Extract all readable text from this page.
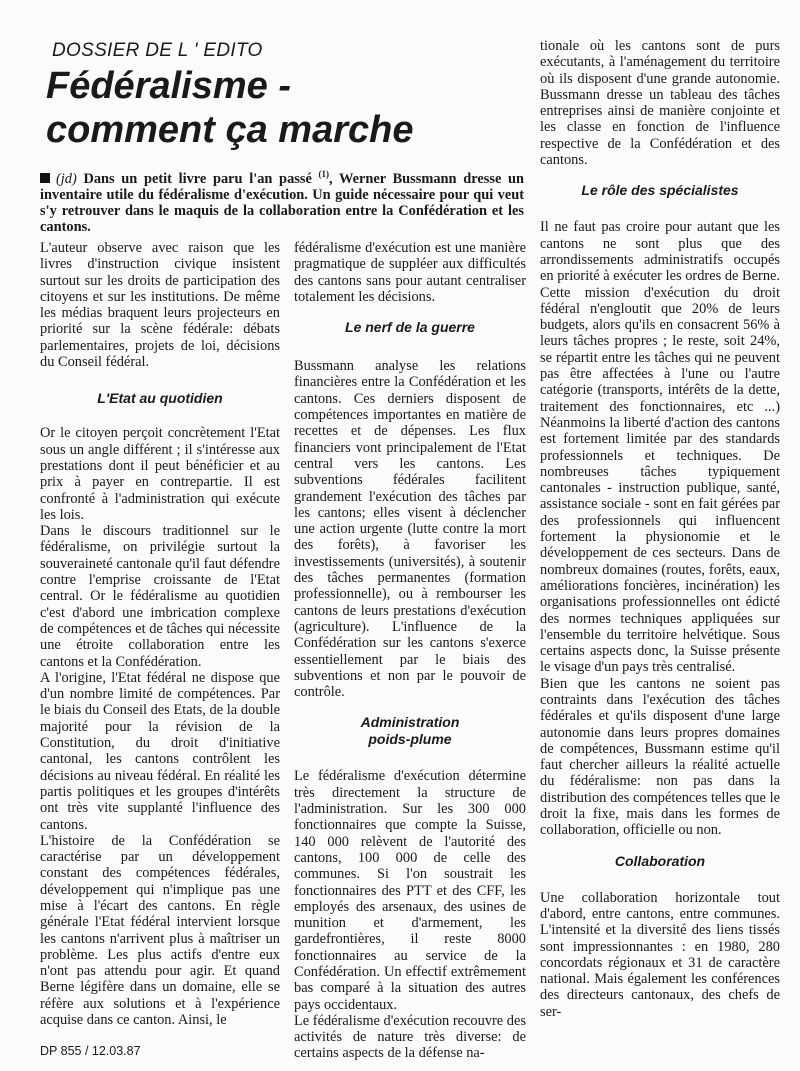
DOSSIER DE L ' EDITO
Fédéralisme -
comment ça marche

(jd) Dans un petit livre paru l'an passé $^{(1)}$, Werner Bussmann dresse un inventaire utile du fédéralisme d'exécution. Un guide nécessaire pour qui veut s'y retrouver dans le maquis de la collaboration entre la Confédération et les cantons.

L'auteur observe avec raison que les livres d'instruction civique insistent surtout sur les droits de participation des citoyens et sur les institutions. De même les médias braquent leurs projecteurs en priorité sur la scène fédérale: débats parlementaires, projets de loi, décisions du Conseil fédéral.

L'Etat au quotidien

Or le citoyen perçoit concrètement l'Etat sous un angle différent ; il s'intéresse aux prestations dont il peut bénéficier et au prix à payer en contrepartie. Il est confronté à l'administration qui exécute les lois.

Dans le discours traditionnel sur le fédéralisme, on privilégie surtout la souveraineté cantonale qu'il faut défendre contre l'emprise croissante de l'Etat central. Or le fédéralisme au quotidien c'est d'abord une imbrication complexe de compétences et de tâches qui nécessite une étroite collaboration entre les cantons et la Confédération.

A l'origine, l'Etat fédéral ne dispose que d'un nombre limité de compétences. Par le biais du Conseil des Etats, de la double majorité pour la révision de la Constitution, du droit d'initiative cantonal, les cantons contrôlent les décisions au niveau fédéral. En réalité les partis politiques et les groupes d'intérêts ont très vite supplanté l'influence des cantons.

L'histoire de la Confédération se caractérise par un développement constant des compétences fédérales, développement qui n'implique pas une mise à l'écart des cantons. En règle générale l'Etat fédéral intervient lorsque les cantons n'arrivent plus à maîtriser un problème. Les plus actifs d'entre eux n'ont pas attendu pour agir. Et quand Berne légifère dans un domaine, elle se réfère aux solutions et à l'expérience acquise dans ce canton. Ainsi, le

fédéralisme d'exécution est une manière pragmatique de suppléer aux difficultés des cantons sans pour autant centraliser totalement les décisions.

Le nerf de la guerre

Bussmann analyse les relations financières entre la Confédération et les cantons. Ces derniers disposent de compétences importantes en matière de recettes et de dépenses. Les flux financiers vont principalement de l'Etat central vers les cantons. Les subventions fédérales facilitent grandement l'exécution des tâches par les cantons; elles visent à déclencher une action urgente (lutte contre la mort des forêts), à favoriser les investissements (universités), à soutenir des tâches permanentes (formation professionnelle), ou à rembourser les cantons de leurs prestations d'exécution (agriculture). L'influence de la Confédération sur les cantons s'exerce essentiellement par le biais des subventions et non par le pouvoir de contrôle.

Administration
poids-plume

Le fédéralisme d'exécution détermine très directement la structure de l'administration. Sur les 300 000 fonctionnaires que compte la Suisse, 140 000 relèvent de l'autorité des cantons, 100 000 de celle des communes. Si l'on soustrait les fonctionnaires des PTT et des CFF, les employés des arsenaux, des usines de munition et d'armement, les gardefrontières, il reste 8000 fonctionnaires au service de la Confédération. Un effectif extrêmement bas comparé à la situation des autres pays occidentaux.

Le fédéralisme d'exécution recouvre des activités de nature très diverse: de certains aspects de la défense na-

tionale où les cantons sont de purs exécutants, à l'aménagement du territoire où ils disposent d'une grande autonomie. Bussmann dresse un tableau des tâches entreprises ainsi de manière conjointe et les classe en fonction de l'influence respective de la Confédération et des cantons.

Le rôle des spécialistes

Il ne faut pas croire pour autant que les cantons ne sont plus que des arrondissements administratifs occupés en priorité à exécuter les ordres de Berne. Cette mission d'exécution du droit fédéral n'engloutit que 20% de leurs budgets, alors qu'ils en consacrent 56% à leurs tâches propres ; le reste, soit 24%, se répartit entre les tâches qui ne peuvent pas être affectées à l'une ou l'autre catégorie (transports, intérêts de la dette, traitement des fonctionnaires, etc ...) Néanmoins la liberté d'action des cantons est fortement limitée par des standards professionnels et techniques. De nombreuses tâches typiquement cantonales - instruction publique, santé, assistance sociale - sont en fait gérées par des professionnels qui influencent fortement la physionomie et le développement de ces secteurs. Dans de nombreux domaines (routes, forêts, eaux, améliorations foncières, incinération) les organisations professionnelles ont édicté des normes techniques appliquées sur l'ensemble du territoire helvétique. Sous certains aspects donc, la Suisse présente le visage d'un pays très centralisé.

Bien que les cantons ne soient pas contraints dans l'exécution des tâches fédérales et qu'ils disposent d'une large autonomie dans leurs propres domaines de compétences, Bussmann estime qu'il faut chercher ailleurs la réalité actuelle du fédéralisme: non pas dans la distribution des compétences telles que le droit la fixe, mais dans les formes de collaboration, officielle ou non.

Collaboration

Une collaboration horizontale tout d'abord, entre cantons, entre communes. L'intensité et la diversité des liens tissés sont impressionnantes : en 1980, 280 concordats régionaux et 31 de caractère national. Mais également les conférences des directeurs cantonaux, des chefs de ser-

DP 855 / 12.03.87
